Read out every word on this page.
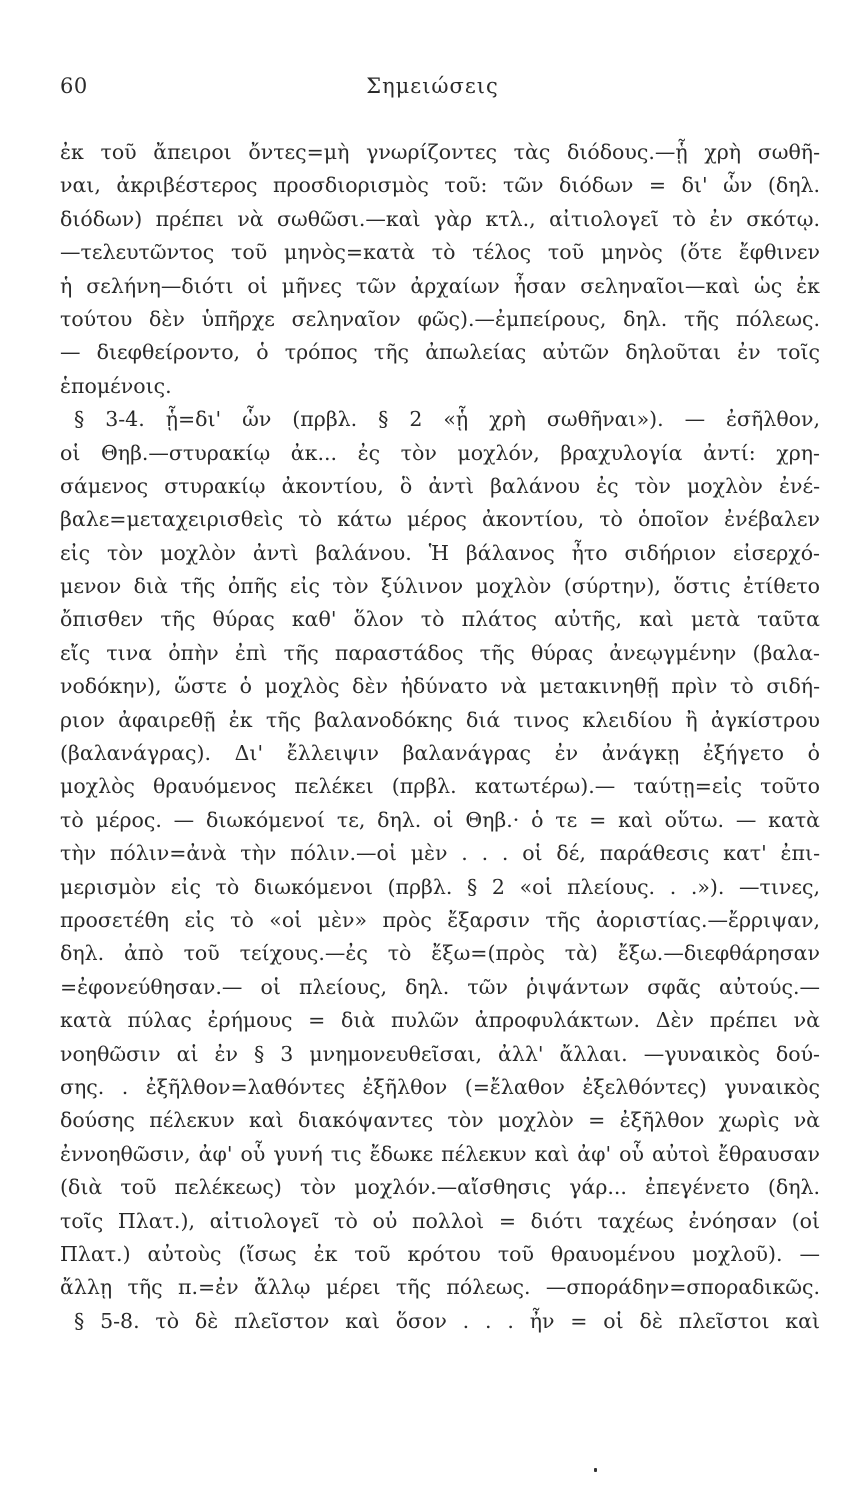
60	Σημειώσεις
ἐκ τοῦ ἄπειροι ὄντες=μὴ γνωρίζοντες τὰς διόδους.—ᾗ χρὴ σωθῆ-
ναι, ἀκριβέστερος προσδιορισμὸς τοῦ: τῶν διόδων = δι' ὧν (δηλ.
διόδων) πρέπει νὰ σωθῶσι.—καὶ γὰρ κτλ., αἰτιολογεῖ τὸ ἐν σκότῳ.
—τελευτῶντος τοῦ μηνὸς=κατὰ τὸ τέλος τοῦ μηνὸς (ὅτε ἔφθινεν
ἡ σελήνη—διότι οἱ μῆνες τῶν ἀρχαίων ἦσαν σεληναῖοι—καὶ ὡς ἐκ
τούτου δὲν ὑπῆρχε σεληναῖον φῶς).—ἐμπείρους, δηλ. τῆς πόλεως.
— διεφθείροντο, ὁ τρόπος τῆς ἀπωλείας αὐτῶν δηλοῦται ἐν τοῖς
ἑπομένοις.
§ 3-4. ᾗ=δι' ὧν (πρβλ. § 2 «ᾗ χρὴ σωθῆναι»). — ἐσῆλθον,
οἱ Θηβ.—στυρακίῳ ἀκ... ἐς τὸν μοχλόν, βραχυλογία ἀντί: χρη-
σάμενος στυρακίῳ ἀκοντίου, ὃ ἀντὶ βαλάνου ἐς τὸν μοχλὸν ἐνέ-
βαλε=μεταχειρισθεὶς τὸ κάτω μέρος ἀκοντίου, τὸ ὁποῖον ἐνέβαλεν
εἰς τὸν μοχλὸν ἀντὶ βαλάνου. Ἡ βάλανος ἦτο σιδήριον εἰσερχό-
μενον διὰ τῆς ὀπῆς εἰς τὸν ξύλινον μοχλὸν (σύρτην), ὅστις ἐτίθετο
ὄπισθεν τῆς θύρας καθ' ὅλον τὸ πλάτος αὐτῆς, καὶ μετὰ ταῦτα
εἴς τινα ὀπὴν ἐπὶ τῆς παραστάδος τῆς θύρας ἀνεῳγμένην (βαλα-
νοδόκην), ὥστε ὁ μοχλὸς δὲν ἠδύνατο νὰ μετακινηθῇ πρὶν τὸ σιδή-
ριον ἀφαιρεθῇ ἐκ τῆς βαλανοδόκης διά τινος κλειδίου ἢ ἀγκίστρου
(βαλανάγρας). Δι' ἔλλειψιν βαλανάγρας ἐν ἀνάγκῃ ἐξήγετο ὁ
μοχλὸς θραυόμενος πελέκει (πρβλ. κατωτέρω).— ταύτῃ=εἰς τοῦτο
τὸ μέρος. — διωκόμενοί τε, δηλ. οἱ Θηβ.· ὁ τε = καὶ οὕτω. — κατὰ
τὴν πόλιν=ἀνὰ τὴν πόλιν.—οἱ μὲν . . . οἱ δέ, παράθεσις κατ' ἐπι-
μερισμὸν εἰς τὸ διωκόμενοι (πρβλ. § 2 «οἱ πλείους. . .»). —τινες,
προσετέθη εἰς τὸ «οἱ μὲν» πρὸς ἔξαρσιν τῆς ἀοριστίας.—ἔρριψαν,
δηλ. ἀπὸ τοῦ τείχους.—ἐς τὸ ἔξω=(πρὸς τὰ) ἔξω.—διεφθάρησαν
=ἐφονεύθησαν.— οἱ πλείους, δηλ. τῶν ῥιψάντων σφᾶς αὐτούς.—
κατὰ πύλας ἐρήμους = διὰ πυλῶν ἀπροφυλάκτων. Δὲν πρέπει νὰ
νοηθῶσιν αἱ ἐν § 3 μνημονευθεῖσαι, ἀλλ' ἄλλαι. —γυναικὸς δού-
σης. . ἐξῆλθον=λαθόντες ἐξῆλθον (=ἔλαθον ἐξελθόντες) γυναικὸς
δούσης πέλεκυν καὶ διακόψαντες τὸν μοχλὸν = ἐξῆλθον χωρὶς νὰ
ἐννοηθῶσιν, ἀφ' οὗ γυνή τις ἔδωκε πέλεκυν καὶ ἀφ' οὗ αὐτοὶ ἔθραυσαν
(διὰ τοῦ πελέκεως) τὸν μοχλόν.—αἴσθησις γάρ... ἐπεγένετο (δηλ.
τοῖς Πλατ.), αἰτιολογεῖ τὸ οὐ πολλοὶ = διότι ταχέως ἐνόησαν (οἱ
Πλατ.) αὐτοὺς (ἴσως ἐκ τοῦ κρότου τοῦ θραυομένου μοχλοῦ). —
ἄλλῃ τῆς π.=ἐν ἄλλῳ μέρει τῆς πόλεως. —σποράδην=σποραδικῶς.
§ 5-8. τὸ δὲ πλεῖστον καὶ ὅσον . . . ἦν = οἱ δὲ πλεῖστοι καὶ
